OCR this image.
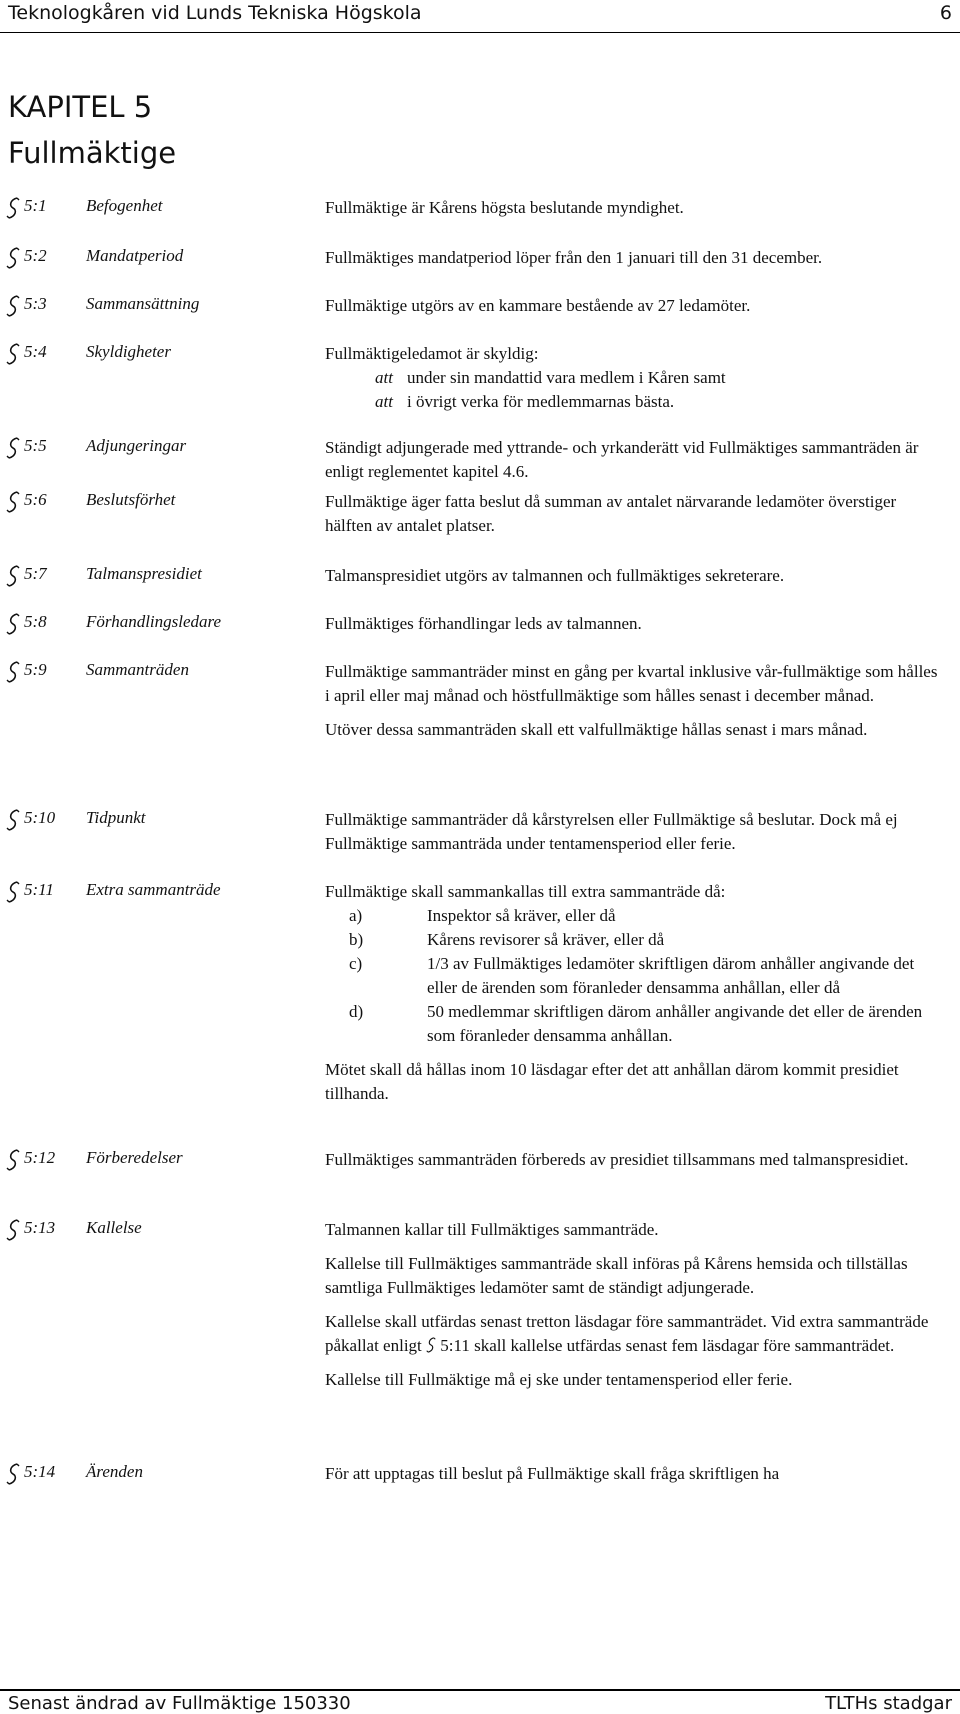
Teknologkåren vid Lunds Tekniska Högskola	6
KAPITEL 5
Fullmäktige
5:1 Befogenhet	Fullmäktige är Kårens högsta beslutande myndighet.

5:2 Mandatperiod	Fullmäktiges mandatperiod löper från den 1 januari till den 31 december.

5:3 Sammansättning	Fullmäktige utgörs av en kammare bestående av 27 ledamöter.

5:4 Skyldigheter	Fullmäktigeledamot är skyldig:

att under sin mandattid vara medlem i Kåren samt
att i övrigt verka för medlemmarnas bästa.

5:5 Adjungeringar	Ständigt adjungerade med yttrande- och yrkanderätt vid Fullmäktiges sammanträden är enligt reglementet kapitel 4.6.

5:6 Beslutsförhet	Fullmäktige äger fatta beslut då summan av antalet närvarande ledamöter överstiger hälften av antalet platser.

5:7 Talmanspresidiet	Talmanspresidiet utgörs av talmannen och fullmäktiges sekreterare.

5:8 Förhandlingsledare	Fullmäktiges förhandlingar leds av talmannen.

5:9 Sammanträden	Fullmäktige sammanträder minst en gång per kvartal inklusive vår-fullmäktige som hålles i april eller maj månad och höstfullmäktige som hålles senast i december månad.

Utöver dessa sammanträden skall ett valfullmäktige hållas senast i mars månad.

5:10 Tidpunkt	Fullmäktige sammanträder då kårstyrelsen eller Fullmäktige så beslutar. Dock må ej Fullmäktige sammanträda under tentamensperiod eller ferie.

5:11 Extra sammanträde	Fullmäktige skall sammankallas till extra sammanträde då:

a)	Inspektor så kräver, eller då
b)	Kårens revisorer så kräver, eller då
c)	1/3 av Fullmäktiges ledamöter skriftligen därom anhåller angivande det eller de ärenden som föranleder densamma anhållan, eller då
d)	50 medlemmar skriftligen därom anhåller angivande det eller de ärenden som föranleder densamma anhållan.

Mötet skall då hållas inom 10 läsdagar efter det att anhållan därom kommit presidiet tillhanda.

5:12 Förberedelser	Fullmäktiges sammanträden förbereds av presidiet tillsammans med talmanspresidiet.

5:13 Kallelse	Talmannen kallar till Fullmäktiges sammanträde.

Kallelse till Fullmäktiges sammanträde skall införas på Kårens hemsida och tillställas samtliga Fullmäktiges ledamöter samt de ständigt adjungerade.

Kallelse skall utfärdas senast tretton läsdagar före sammanträdet. Vid extra sammanträde påkallat enligt 5:11 skall kallelse utfärdas senast fem läsdagar före sammanträdet.

Kallelse till Fullmäktige må ej ske under tentamensperiod eller ferie.

5:14 Ärenden	För att upptagas till beslut på Fullmäktige skall fråga skriftligen ha

Senast ändrad av Fullmäktige 150330	TLTHs stadgar
